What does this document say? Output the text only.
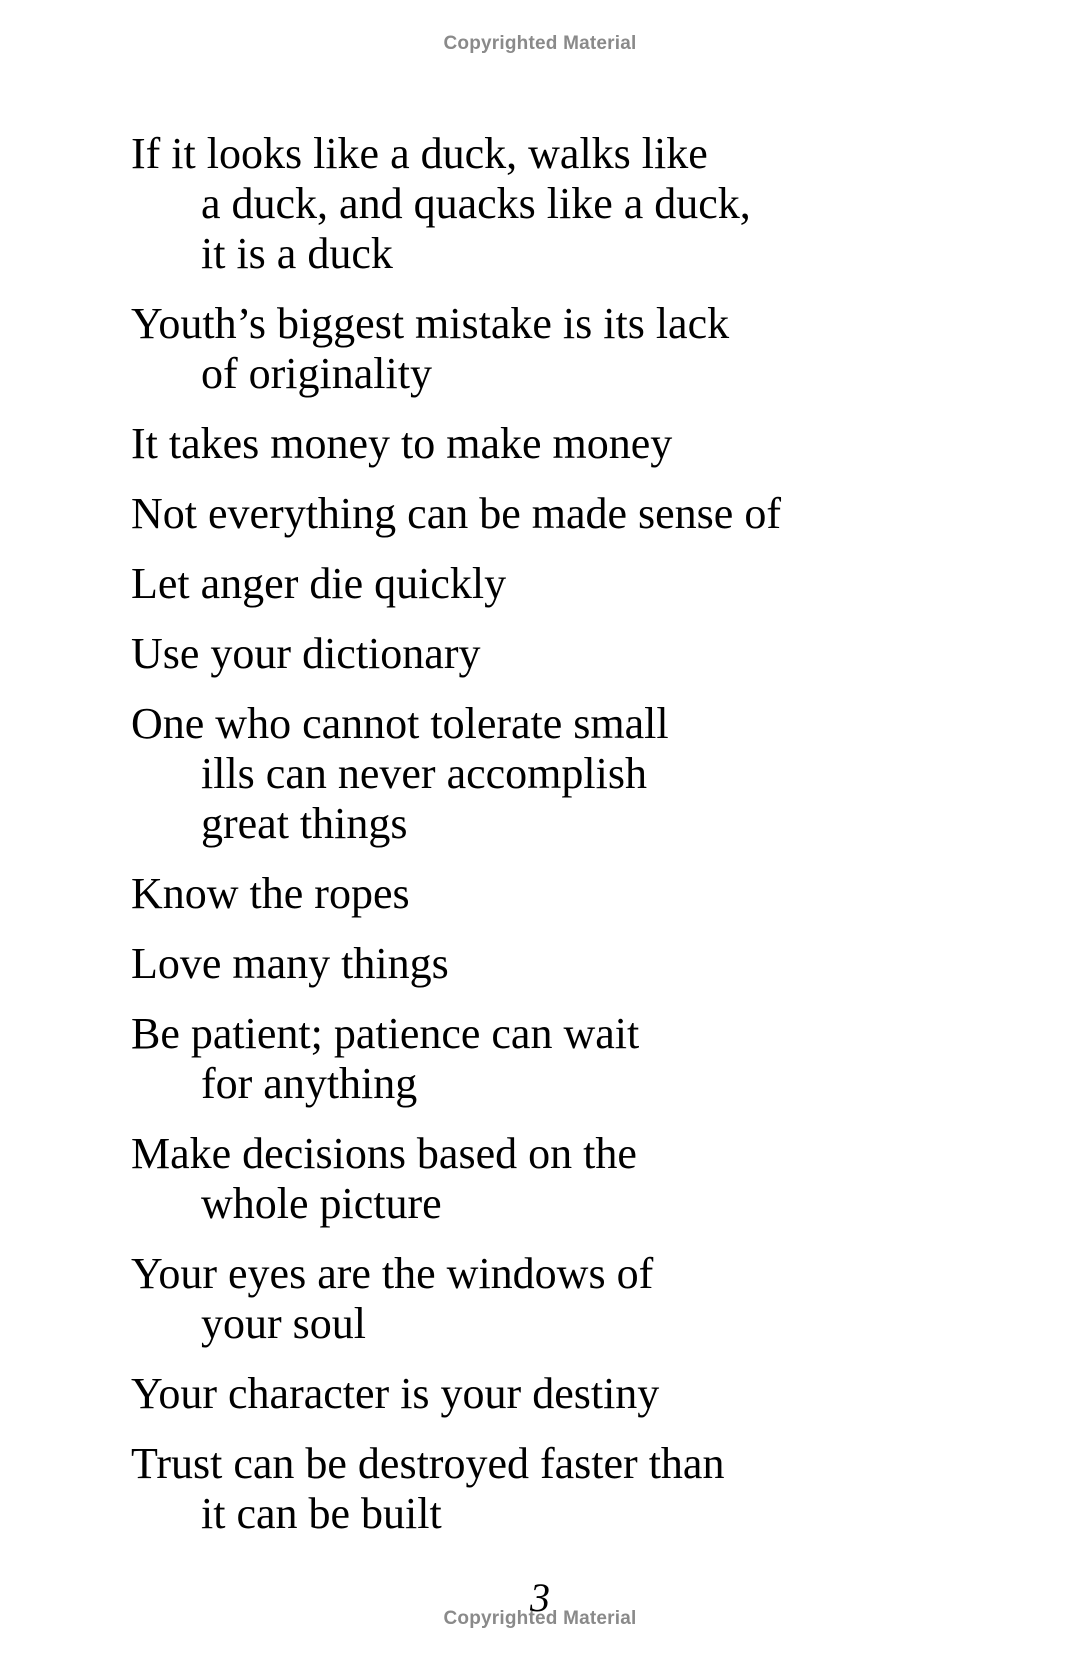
Copyrighted Material
If it looks like a duck, walks like
a duck, and quacks like a duck,
it is a duck
Youth’s biggest mistake is its lack
of originality
It takes money to make money
Not everything can be made sense of
Let anger die quickly
Use your dictionary
One who cannot tolerate small
ills can never accomplish
great things
Know the ropes
Love many things
Be patient; patience can wait
for anything
Make decisions based on the
whole picture
Your eyes are the windows of
your soul
Your character is your destiny
Trust can be destroyed faster than
it can be built
3
Copyrighted Material
